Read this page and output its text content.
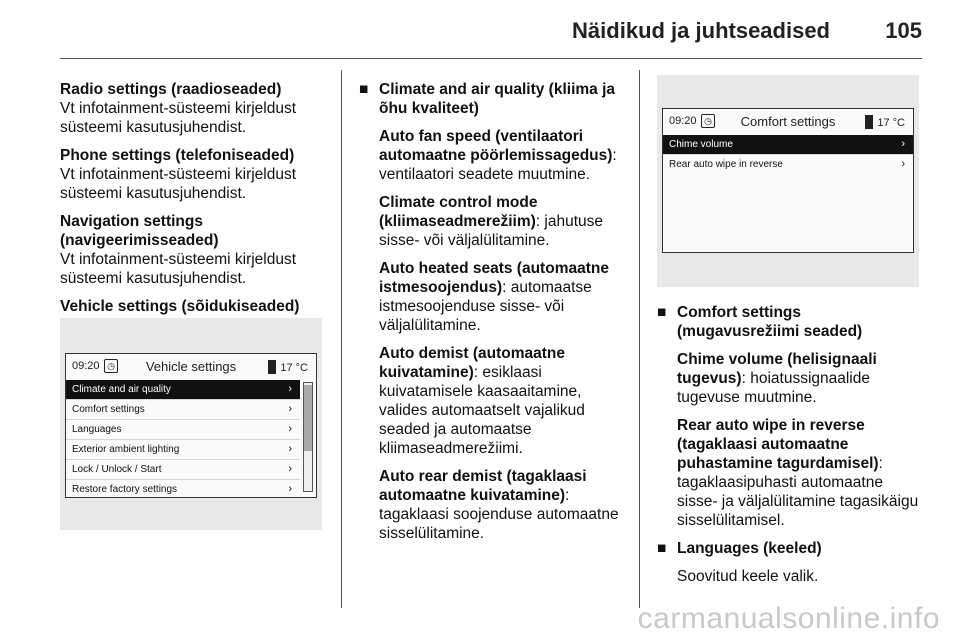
Näidikud ja juhtseadised	105

Radio settings (raadioseaded)
Vt infotainment-süsteemi kirjeldust süsteemi kasutusjuhendist.

Phone settings (telefoniseaded)
Vt infotainment-süsteemi kirjeldust süsteemi kasutusjuhendist.

Navigation settings (navigeerimisseaded)
Vt infotainment-süsteemi kirjeldust süsteemi kasutusjuhendist.

Vehicle settings (sõidukiseaded)

09:20 ◷	Vehicle settings	17 °C
Climate and air quality	›
Comfort settings	›
Languages	›
Exterior ambient lighting	›
Lock / Unlock / Start	›
Restore factory settings	›
■ Climate and air quality (kliima ja õhu kvaliteet)

Auto fan speed (ventilaatori automaatne pöörlemissagedus): ventilaatori seadete muutmine.

Climate control mode (kliimaseadmerežiim): jahutuse sisse- või väljalülitamine.

Auto heated seats (automaatne istmesoojendus): automaatse istmesoojenduse sisse- või väljalülitamine.

Auto demist (automaatne kuivatamine): esiklaasi kuivatamisele kaasaaitamine, valides automaatselt vajalikud seaded ja automaatse kliimaseadmerežiimi.

Auto rear demist (tagaklaasi automaatne kuivatamine): tagaklaasi soojenduse automaatne sisselülitamine.

09:20 ◷	Comfort settings	17 °C
Chime volume	›
Rear auto wipe in reverse	›
■ Comfort settings (mugavusrežiimi seaded)

Chime volume (helisignaali tugevus): hoiatussignaalide tugevuse muutmine.

Rear auto wipe in reverse (tagaklaasi automaatne puhastamine tagurdamisel): tagaklaasipuhasti automaatne sisse- ja väljalülitamine tagasikäigu sisselülitamisel.

■ Languages (keeled)

Soovitud keele valik.

carmanualsonline.info
